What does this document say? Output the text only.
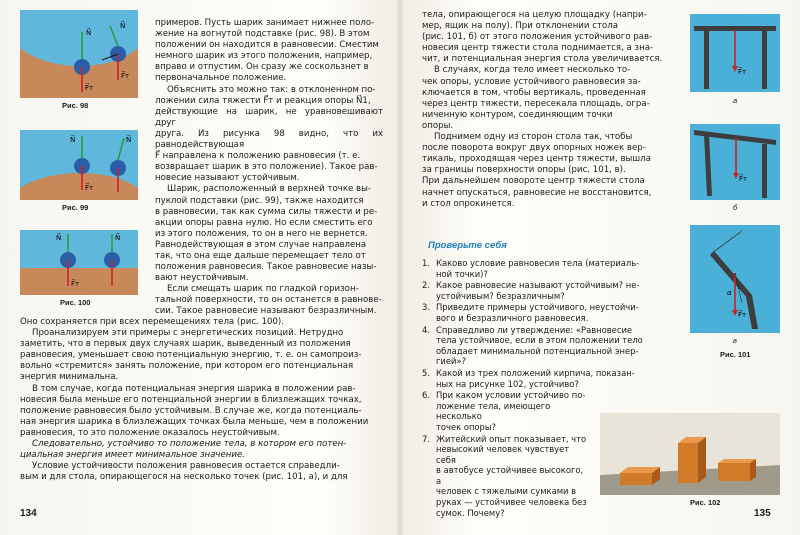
N⃗
N⃗
F⃗т
F⃗т
Рис. 98
N⃗	N⃗
F⃗т
Рис. 99
N⃗	N⃗
F⃗т
Рис. 100
примеров. Пусть шарик занимает нижнее поло-
жение на вогнутой подставке (рис. 98). В этом
положении он находится в равновесии. Сместим
немного шарик из этого положения, например,
вправо и отпустим. Он сразу же соскользнет в
первоначальное положение.
Объяснить это можно так: в отклоненном по-
ложении сила тяжести F⃗т и реакция опоры N⃗1,
действующие на шарик, не уравновешивают друг
друга. Из рисунка 98 видно, что их равнодействующая
F⃗ направлена к положению равновесия (т. е.
возвращает шарик в это положение). Такое рав-
новесие называют устойчивым.
Шарик, расположенный в верхней точке вы-
пуклой подставки (рис. 99), также находится
в равновесии, так как сумма силы тяжести и ре-
акции опоры равна нулю. Но если сместить его
из этого положения, то он в него не вернется.
Равнодействующая в этом случае направлена
так, что она еще дальше перемещает тело от
положения равновесия. Такое равновесие назы-
вают неустойчивым.
Если смещать шарик по гладкой горизон-
тальной поверхности, то он останется в равнове-
сии. Такое равновесие называют безразличным.
Оно сохраняется при всех перемещениях тела (рис. 100).
Проанализируем эти примеры с энергетических позиций. Нетрудно
заметить, что в первых двух случаях шарик, выведенный из положения
равновесия, уменьшает свою потенциальную энергию, т. е. он самопроиз-
вольно «стремится» занять положение, при котором его потенциальная
энергия минимальна.
В том случае, когда потенциальная энергия шарика в положении рав-
новесия была меньше его потенциальной энергии в близлежащих точках,
положение равновесия было устойчивым. В случае же, когда потенциаль-
ная энергия шарика в близлежащих точках была меньше, чем в положении
равновесия, то это положение оказалось неустойчивым.
Следовательно, устойчиво то положение тела, в котором его потен-
циальная энергия имеет минимальное значение.
Условие устойчивости положения равновесия остается справедли-
вым и для стола, опирающегося на несколько точек (рис. 101, а), и для
134
тела, опирающегося на целую площадку (напри-
мер, ящик на полу). При отклонении стола
(рис. 101, б) от этого положения устойчивого рав-
новесия центр тяжести стола поднимается, а зна-
чит, и потенциальная энергия стола увеличивается.
В случаях, когда тело имеет несколько то-
чек опоры, условие устойчивого равновесия за-
ключается в том, чтобы вертикаль, проведенная
через центр тяжести, пересекала площадь, огра-
ниченную контуром, соединяющим точки
опоры.
Поднимем одну из сторон стола так, чтобы
после поворота вокруг двух опорных ножек вер-
тикаль, проходящая через центр тяжести, вышла
за границы поверхности опоры (рис. 101, в).
При дальнейшем повороте центр тяжести стола
начнет опускаться, равновесие не восстановится,
и стол опрокинется.
Проверьте себя
1. Каково условие равновесия тела (материаль-
ной точки)?
2. Какое равновесие называют устойчивым? не-
устойчивым? безразличным?
3. Приведите примеры устойчивого, неустойчи-
вого и безразличного равновесия.
4. Справедливо ли утверждение: «Равновесие
тела устойчивое, если в этом положении тело
обладает минимальной потенциальной энер-
гией»?
5. Какой из трех положений кирпича, показан-
ных на рисунке 102, устойчиво?
6. При каком условии устойчиво по-
ложение тела, имеющего несколько
точек опоры?
7. Житейский опыт показывает, что
невысокий человек чувствует себя
в автобусе устойчивее высокого, а
человек с тяжелыми сумками в
руках — устойчивее человека без
сумок. Почему?
F⃗т
а
F⃗т
б
α
F⃗т
в
Рис. 101
Рис. 102
135
